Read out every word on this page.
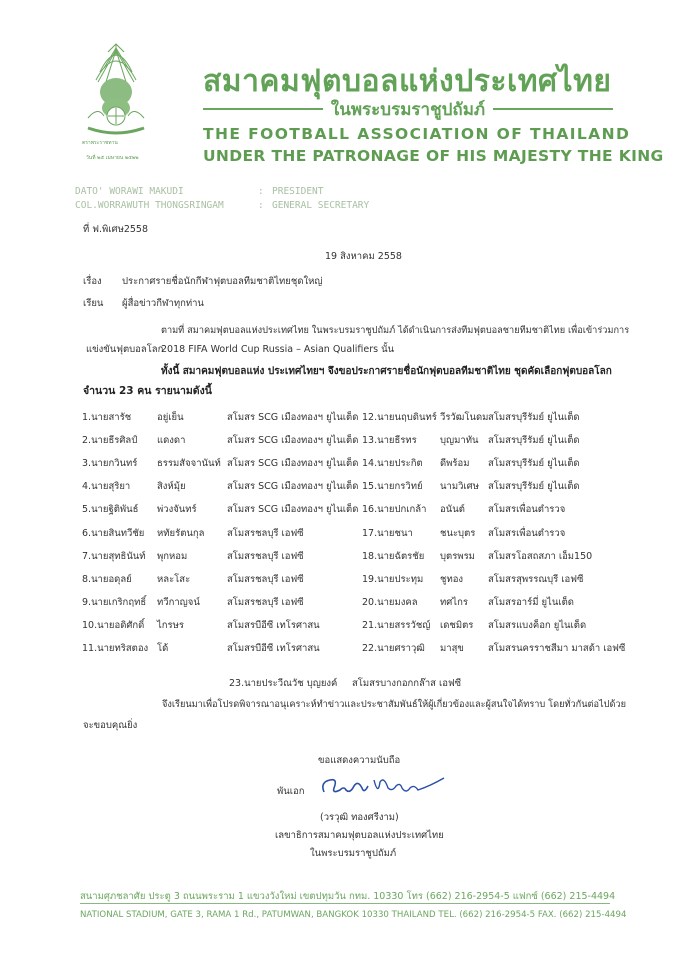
ตราพระราชทาน
วันที่ ๒๕ เมษายน ๒๕๒๒
สมาคมฟุตบอลแห่งประเทศไทย
ในพระบรมราชูปถัมภ์
THE FOOTBALL ASSOCIATION OF THAILAND
UNDER THE PATRONAGE OF HIS MAJESTY THE KING
DATO' WORAWI MAKUDI	: PRESIDENT
COL.WORRAWUTH THONGSRINGAM	: GENERAL SECRETARY
ที่ ฟ.พิเศษ2558
19 สิงหาคม 2558
เรื่อง ประกาศรายชื่อนักกีฬาฟุตบอลทีมชาติไทยชุดใหญ่
เรียน ผู้สื่อข่าวกีฬาทุกท่าน
ตามที่ สมาคมฟุตบอลแห่งประเทศไทย ในพระบรมราชูปถัมภ์ ได้ดำเนินการส่งทีมฟุตบอลชายทีมชาติไทย เพื่อเข้าร่วมการ
แข่งขันฟุตบอลโลก
2018 FIFA World Cup Russia – Asian Qualifiers นั้น
ทั้งนี้ สมาคมฟุตบอลแห่ง ประเทศไทยฯ จึงขอประกาศรายชื่อนักฟุตบอลทีมชาติไทย ชุดคัดเลือกฟุตบอลโลก
จำนวน 23 คน รายนามดังนี้
1.นายสารัช	อยู่เย็น	สโมสร SCG เมืองทองฯ ยูไนเต็ด
2.นายธีรศิลป์ แดงดา	สโมสร SCG เมืองทองฯ ยูไนเต็ด
3.นายกวินทร์ ธรรมสัจจานันท์ สโมสร SCG เมืองทองฯ ยูไนเต็ด
4.นายสุริยา	สิงห์มุ้ย	สโมสร SCG เมืองทองฯ ยูไนเต็ด
5.นายฐิติพันธ์ พ่วงจันทร์	สโมสร SCG เมืองทองฯ ยูไนเต็ด
6.นายสินทวีชัย หทัยรัตนกุล สโมสรชลบุรี เอฟซี
7.นายสุทธินันท์ พุกหอม	สโมสรชลบุรี เอฟซี
8.นายอดุลย์	หละโสะ	สโมสรชลบุรี เอฟซี
9.นายเกริกฤทธิ์ ทวีกาญจน์	สโมสรชลบุรี เอฟซี
10.นายอดิศักดิ์ ไกรษร	สโมสรบีอีซี เทโรศาสน
11.นายทริสตอง โด้	สโมสรบีอีซี เทโรศาสน
12.นายนฤบดินทร์ วีรวัฒโนดม สโมสรบุรีรัมย์ ยูไนเต็ด
13.นายธีรทร บุญมาทัน สโมสรบุรีรัมย์ ยูไนเต็ด
14.นายประกิต ดีพร้อม สโมสรบุรีรัมย์ ยูไนเต็ด
15.นายกรวิทย์ นามวิเศษ สโมสรบุรีรัมย์ ยูไนเต็ด
16.นายปกเกล้า อนันต์ สโมสรเพื่อนตำรวจ
17.นายชนา	ชนะบุตร สโมสรเพื่อนตำรวจ
18.นายฉัตรชัย บุตรพรม สโมสรโอสถสภา เอ็ม150
19.นายประทุม ชูทอง	สโมสรสุพรรณบุรี เอฟซี
20.นายมงคล ทศไกร สโมสรอาร์มี่ ยูไนเต็ด
21.นายสรรวัชญ์ เดชมิตร สโมสรแบงค็อก ยูไนเต็ด
22.นายศราวุฒิ มาสุข	สโมสรนครราชสีมา มาสด้า เอฟซี
23.นายประวีณวัช บุญยงค์ สโมสรบางกอกกล๊าส เอฟซี
จึงเรียนมาเพื่อโปรดพิจารณาอนุเคราะห์ทำข่าวและประชาสัมพันธ์ให้ผู้เกี่ยวข้องและผู้สนใจได้ทราบ โดยทั่วกันต่อไปด้วย
จะขอบคุณยิ่ง
ขอแสดงความนับถือ
พันเอก
(วรวุฒิ ทองศรีงาม)
เลขาธิการสมาคมฟุตบอลแห่งประเทศไทย
ในพระบรมราชูปถัมภ์
สนามศุภชลาศัย ประตู 3 ถนนพระราม 1 แขวงวังใหม่ เขตปทุมวัน กทม. 10330 โทร (662) 216-2954-5 แฟกซ์ (662) 215-4494
NATIONAL STADIUM, GATE 3, RAMA 1 Rd., PATUMWAN, BANGKOK 10330 THAILAND TEL. (662) 216-2954-5 FAX. (662) 215-4494
